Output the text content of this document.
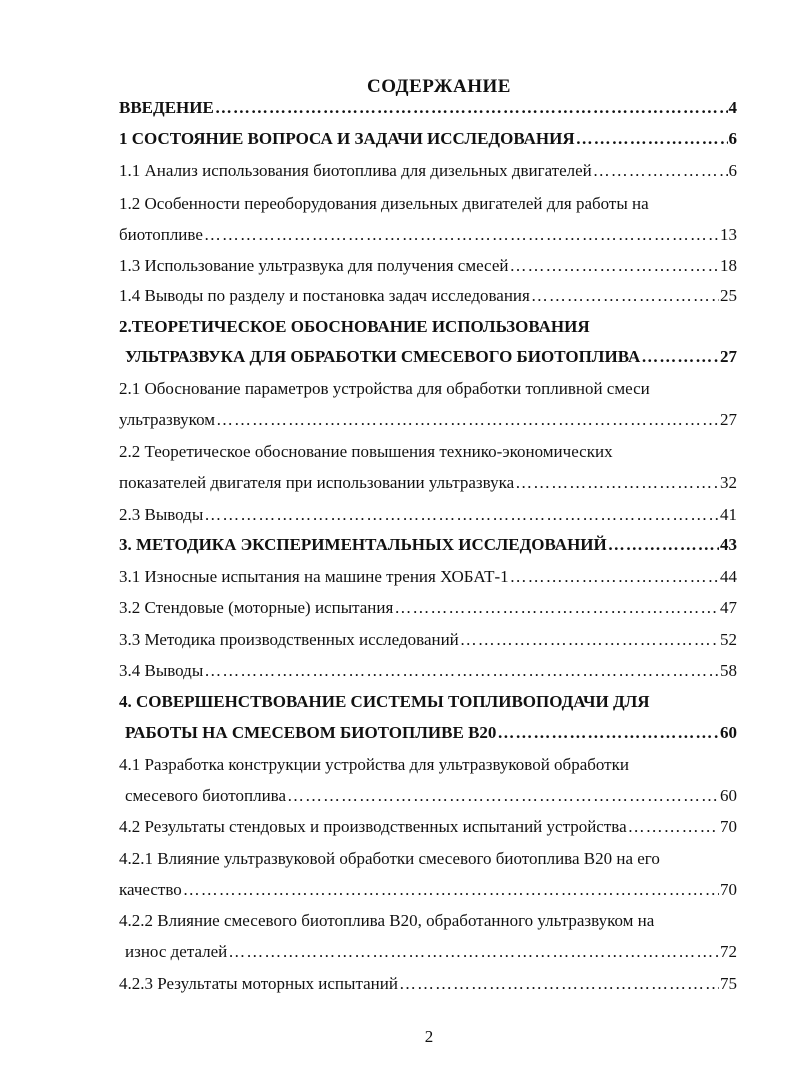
СОДЕРЖАНИЕ
ВВЕДЕНИЕ …………………………………………………………………………………………………………………………………………………………………………………………	4
1 СОСТОЯНИЕ ВОПРОСА И ЗАДАЧИ ИССЛЕДОВАНИЯ …………………………………………………………………………………………………………………………………………………………………………………………	6
1.1 Анализ использования биотоплива для дизельных двигателей …………………………………………………………………………………………………………………………………………………………………………………………	6
1.2 Особенности переоборудования дизельных двигателей для работы на
биотопливе …………………………………………………………………………………………………………………………………………………………………………………………	13
1.3 Использование ультразвука для получения смесей …………………………………………………………………………………………………………………………………………………………………………………………	18
1.4 Выводы по разделу и постановка задач исследования …………………………………………………………………………………………………………………………………………………………………………………………	25
2.ТЕОРЕТИЧЕСКОЕ ОБОСНОВАНИЕ ИСПОЛЬЗОВАНИЯ
УЛЬТРАЗВУКА ДЛЯ ОБРАБОТКИ СМЕСЕВОГО БИОТОПЛИВА …………………………………………………………………………………………………………………………………………………………………………………………	27
2.1 Обоснование параметров устройства для обработки топливной смеси
ультразвуком …………………………………………………………………………………………………………………………………………………………………………………………	27
2.2 Теоретическое обоснование повышения технико-экономических
показателей двигателя при использовании ультразвука …………………………………………………………………………………………………………………………………………………………………………………………	32
2.3 Выводы …………………………………………………………………………………………………………………………………………………………………………………………	41
3. МЕТОДИКА ЭКСПЕРИМЕНТАЛЬНЫХ ИССЛЕДОВАНИЙ …………………………………………………………………………………………………………………………………………………………………………………………	43
3.1 Износные испытания на машине трения ХОБАТ-1 …………………………………………………………………………………………………………………………………………………………………………………………	44
3.2 Стендовые (моторные) испытания …………………………………………………………………………………………………………………………………………………………………………………………	47
3.3 Методика производственных исследований …………………………………………………………………………………………………………………………………………………………………………………………	52
3.4 Выводы …………………………………………………………………………………………………………………………………………………………………………………………	58
4. СОВЕРШЕНСТВОВАНИЕ СИСТЕМЫ ТОПЛИВОПОДАЧИ ДЛЯ
РАБОТЫ НА СМЕСЕВОМ БИОТОПЛИВЕ В20 …………………………………………………………………………………………………………………………………………………………………………………………	60
4.1 Разработка конструкции устройства для ультразвуковой обработки
смесевого биотоплива …………………………………………………………………………………………………………………………………………………………………………………………	60
4.2 Результаты стендовых и производственных испытаний устройства …………………………………………………………………………………………………………………………………………………………………………………………	70
4.2.1 Влияние ультразвуковой обработки смесевого биотоплива В20 на его
качество …………………………………………………………………………………………………………………………………………………………………………………………	70
4.2.2 Влияние смесевого биотоплива В20, обработанного ультразвуком на
износ деталей …………………………………………………………………………………………………………………………………………………………………………………………	72
4.2.3 Результаты моторных испытаний …………………………………………………………………………………………………………………………………………………………………………………………	75
2
